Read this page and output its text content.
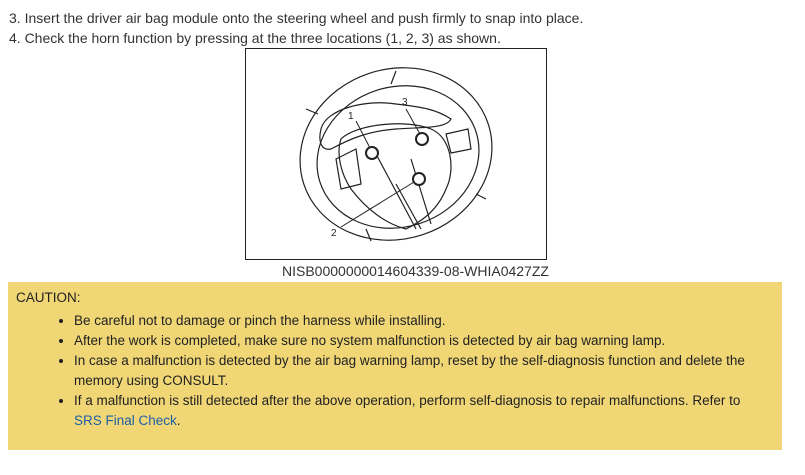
3. Insert the driver air bag module onto the steering wheel and push firmly to snap into place.
4. Check the horn function by pressing at the three locations (1, 2, 3) as shown.
1
2
3
NISB0000000014604339-08-WHIA0427ZZ
CAUTION:
• Be careful not to damage or pinch the harness while installing.
• After the work is completed, make sure no system malfunction is detected by air bag warning lamp.
• In case a malfunction is detected by the air bag warning lamp, reset by the self-diagnosis function and delete the memory using CONSULT.
• If a malfunction is still detected after the above operation, perform self-diagnosis to repair malfunctions. Refer to
SRS Final Check.
